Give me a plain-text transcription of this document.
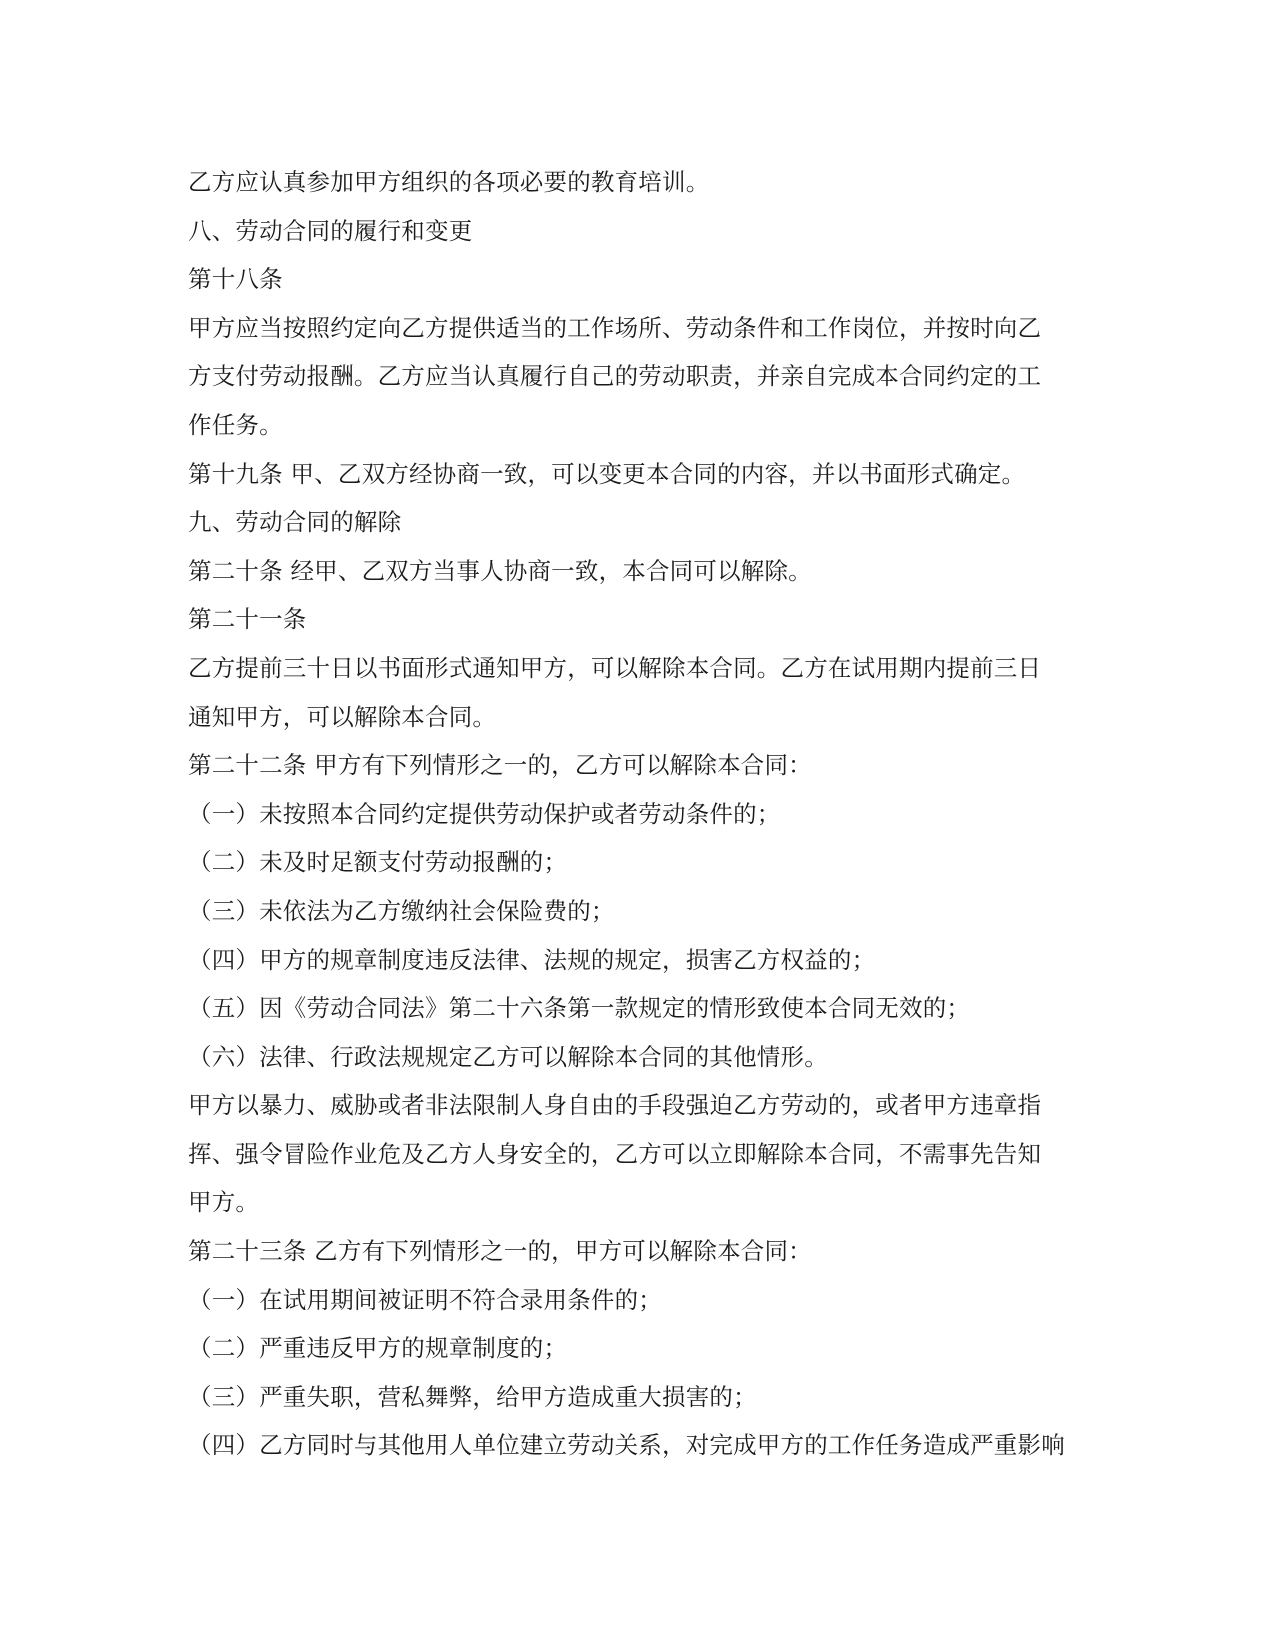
乙方应认真参加甲方组织的各项必要的教育培训。
八、劳动合同的履行和变更
第十八条
甲方应当按照约定向乙方提供适当的工作场所、劳动条件和工作岗位，并按时向乙
方支付劳动报酬。乙方应当认真履行自己的劳动职责，并亲自完成本合同约定的工
作任务。
第十九条 甲、乙双方经协商一致，可以变更本合同的内容，并以书面形式确定。
九、劳动合同的解除
第二十条 经甲、乙双方当事人协商一致，本合同可以解除。
第二十一条
乙方提前三十日以书面形式通知甲方，可以解除本合同。乙方在试用期内提前三日
通知甲方，可以解除本合同。
第二十二条 甲方有下列情形之一的，乙方可以解除本合同：
（一）未按照本合同约定提供劳动保护或者劳动条件的；
（二）未及时足额支付劳动报酬的；
（三）未依法为乙方缴纳社会保险费的；
（四）甲方的规章制度违反法律、法规的规定，损害乙方权益的；
（五）因《劳动合同法》第二十六条第一款规定的情形致使本合同无效的；
（六）法律、行政法规规定乙方可以解除本合同的其他情形。
甲方以暴力、威胁或者非法限制人身自由的手段强迫乙方劳动的，或者甲方违章指
挥、强令冒险作业危及乙方人身安全的，乙方可以立即解除本合同，不需事先告知
甲方。
第二十三条 乙方有下列情形之一的，甲方可以解除本合同：
（一）在试用期间被证明不符合录用条件的；
（二）严重违反甲方的规章制度的；
（三）严重失职，营私舞弊，给甲方造成重大损害的；
（四）乙方同时与其他用人单位建立劳动关系，对完成甲方的工作任务造成严重影响
